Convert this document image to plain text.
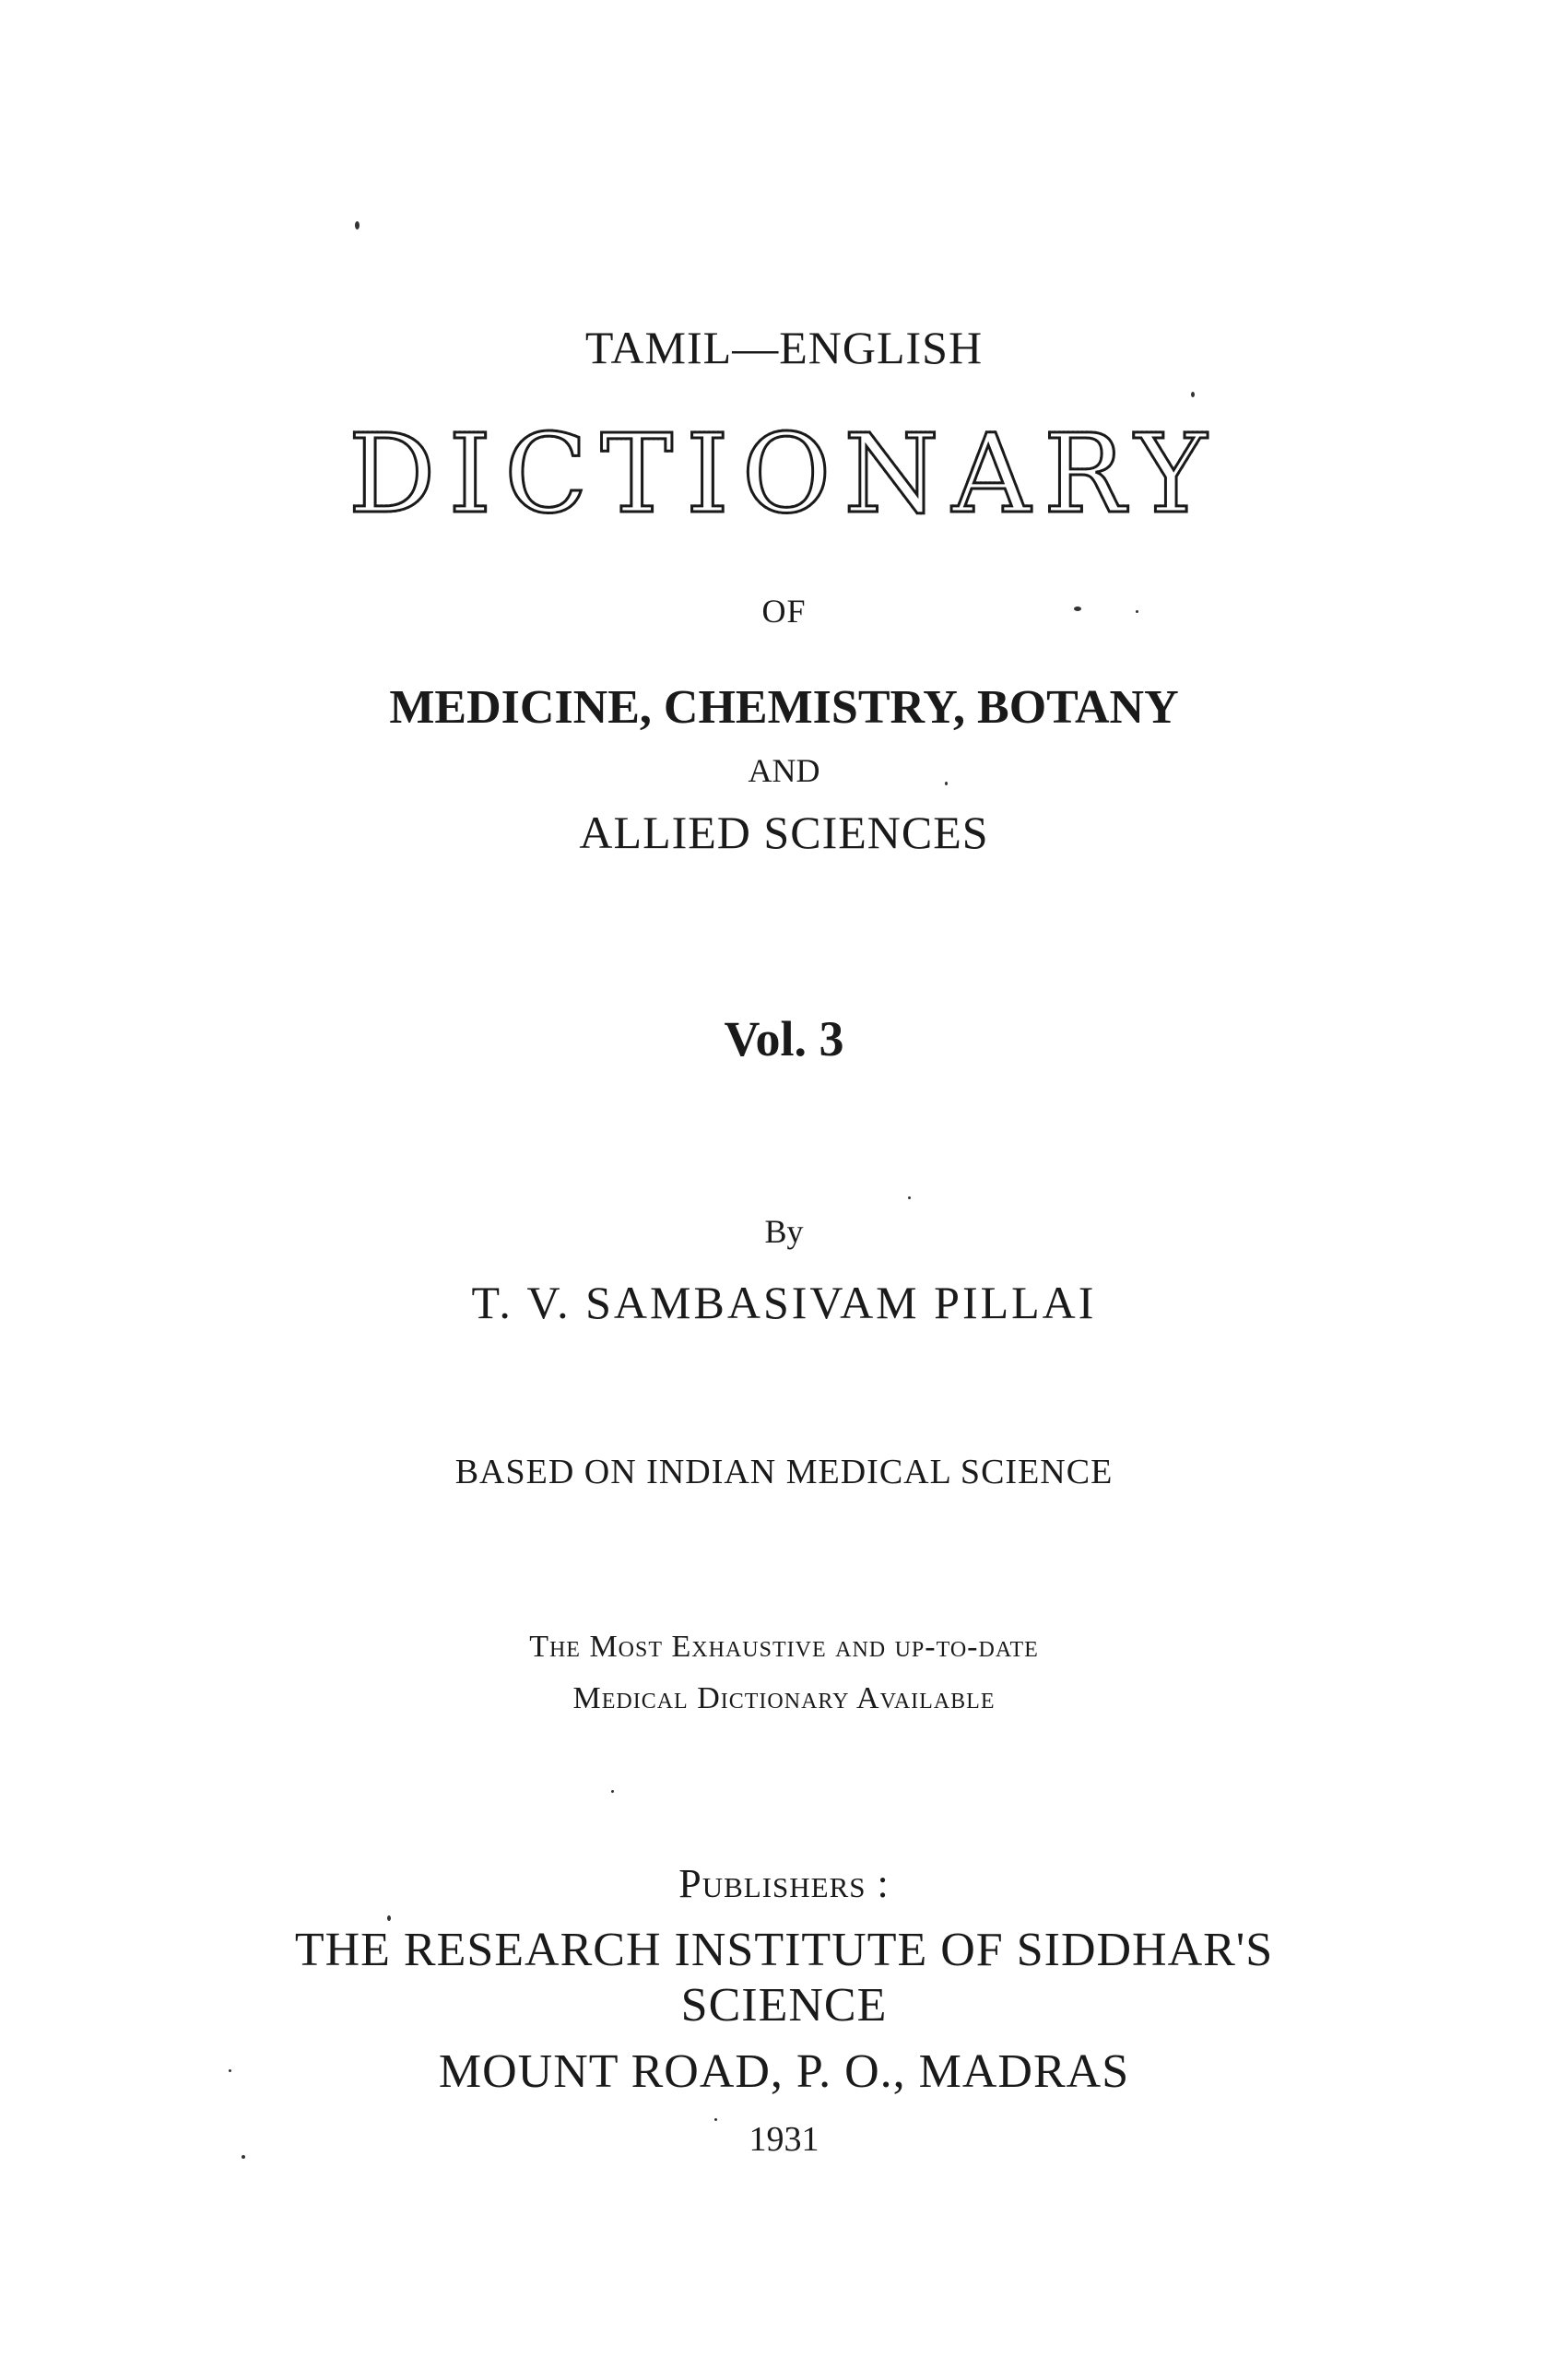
TAMIL—ENGLISH
DICTIONARY
OF
MEDICINE, CHEMISTRY, BOTANY
AND
ALLIED SCIENCES
Vol. 3
By
T. V. SAMBASIVAM PILLAI
BASED ON INDIAN MEDICAL SCIENCE
The Most Exhaustive and up-to-date
Medical Dictionary Available
Publishers :
THE RESEARCH INSTITUTE OF SIDDHAR'S
SCIENCE
MOUNT ROAD, P. O., MADRAS
1931
